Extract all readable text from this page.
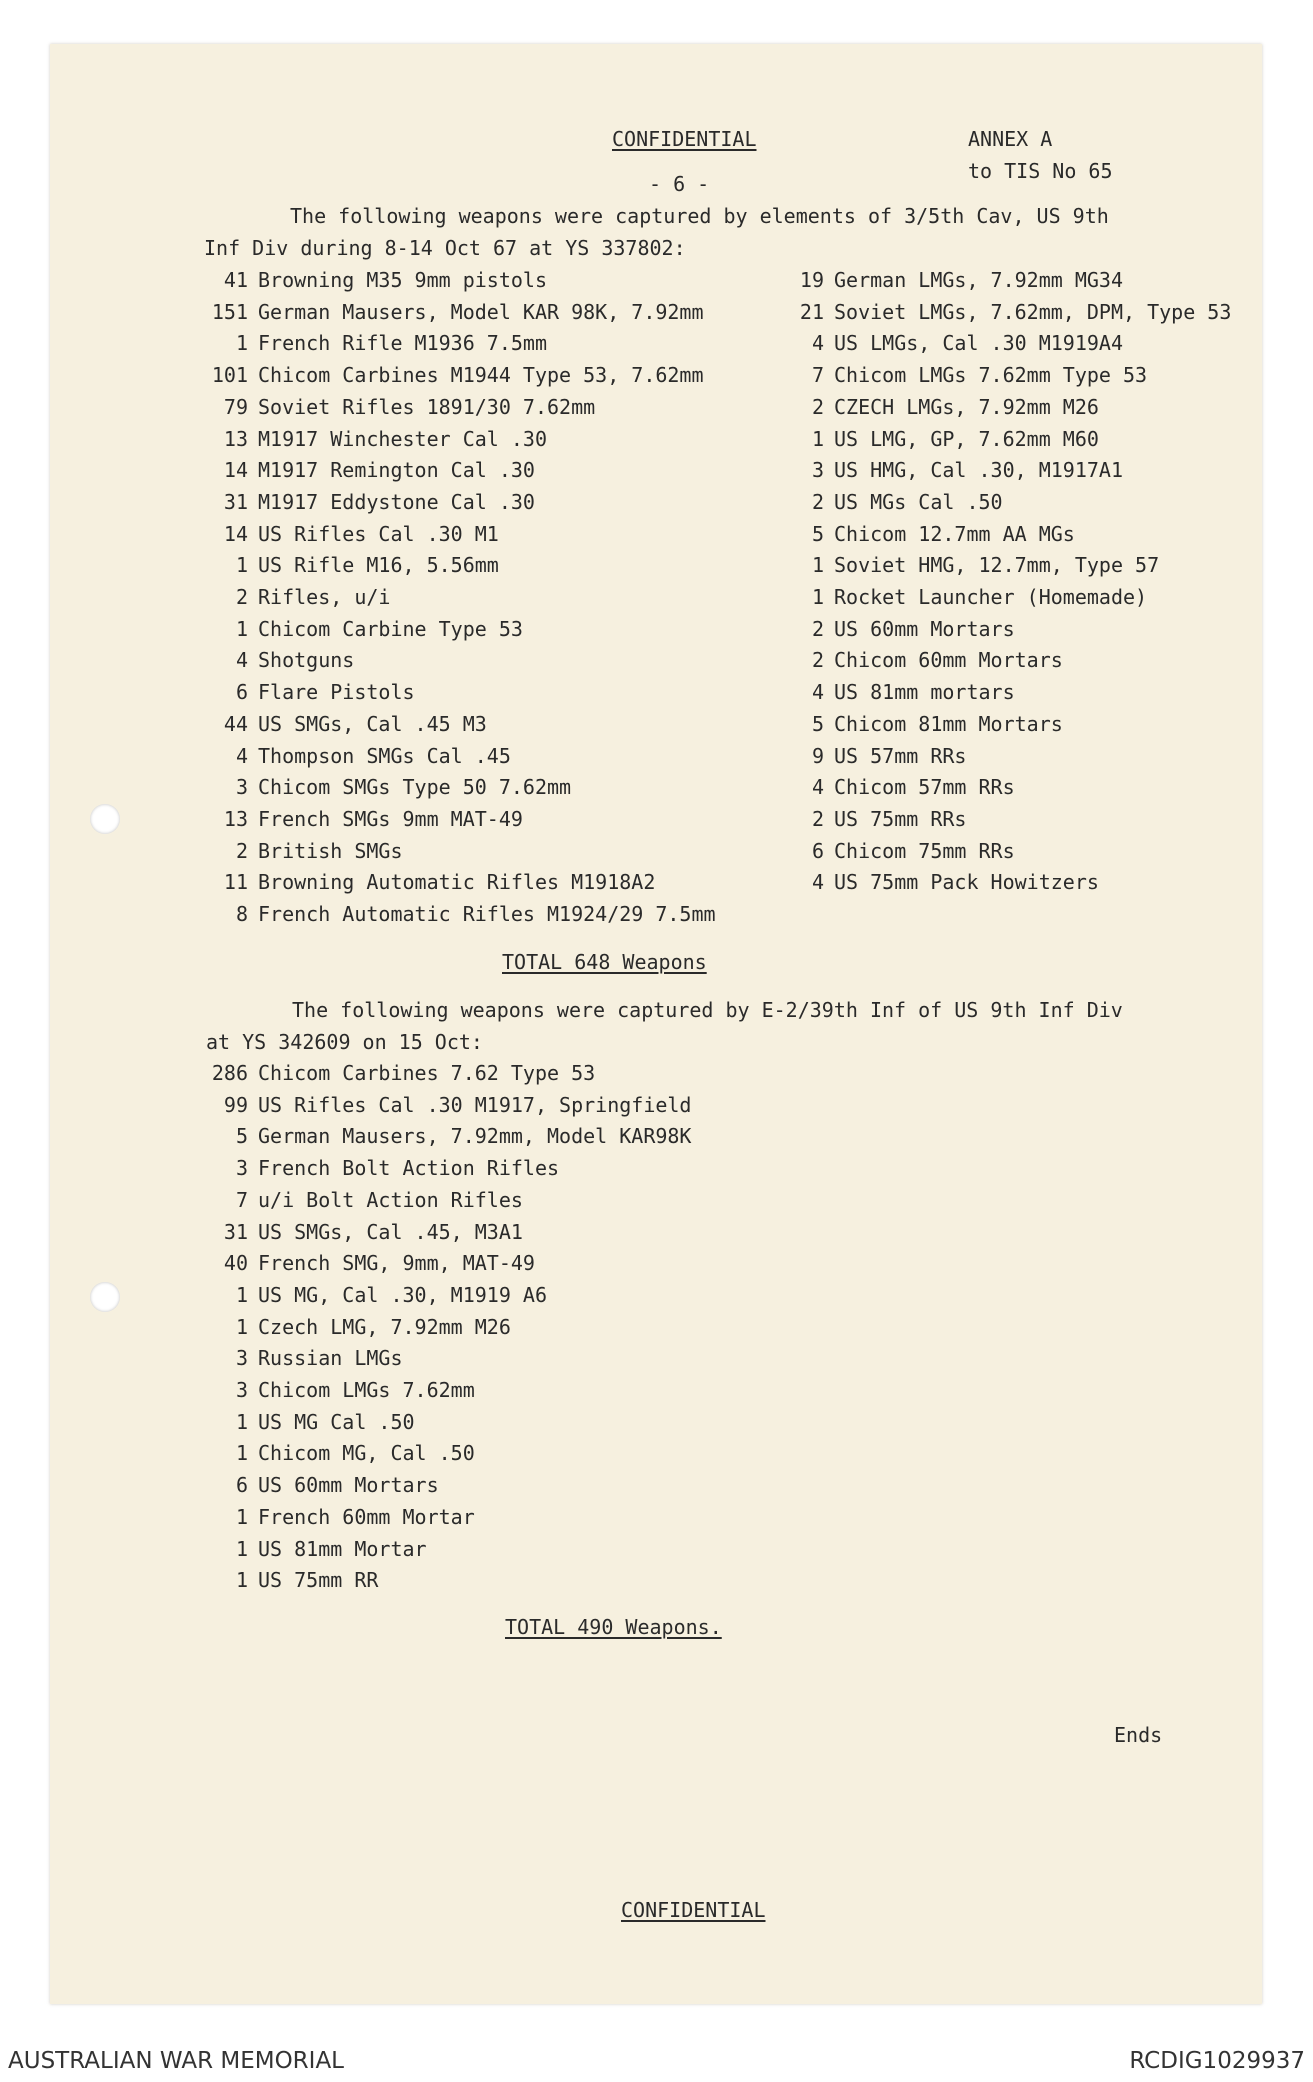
CONFIDENTIAL	ANNEX A
to TIS No 65
- 6 -
The following weapons were captured by elements of 3/5th Cav, US 9th
Inf Div during 8-14 Oct 67 at YS 337802:
41 Browning M35 9mm pistols
151 German Mausers, Model KAR 98K, 7.92mm
1 French Rifle M1936 7.5mm
101 Chicom Carbines M1944 Type 53, 7.62mm
79 Soviet Rifles 1891/30 7.62mm
13 M1917 Winchester Cal .30
14 M1917 Remington Cal .30
31 M1917 Eddystone Cal .30
14 US Rifles Cal .30 M1
1 US Rifle M16, 5.56mm
2 Rifles, u/i
1 Chicom Carbine Type 53
4 Shotguns
6 Flare Pistols
44 US SMGs, Cal .45 M3
4 Thompson SMGs Cal .45
3 Chicom SMGs Type 50 7.62mm
13 French SMGs 9mm MAT-49
2 British SMGs
11 Browning Automatic Rifles M1918A2
8 French Automatic Rifles M1924/29 7.5mm
19 German LMGs, 7.92mm MG34
21 Soviet LMGs, 7.62mm, DPM, Type 53
4 US LMGs, Cal .30 M1919A4
7 Chicom LMGs 7.62mm Type 53
2 CZECH LMGs, 7.92mm M26
1 US LMG, GP, 7.62mm M60
3 US HMG, Cal .30, M1917A1
2 US MGs Cal .50
5 Chicom 12.7mm AA MGs
1 Soviet HMG, 12.7mm, Type 57
1 Rocket Launcher (Homemade)
2 US 60mm Mortars
2 Chicom 60mm Mortars
4 US 81mm mortars
5 Chicom 81mm Mortars
9 US 57mm RRs
4 Chicom 57mm RRs
2 US 75mm RRs
6 Chicom 75mm RRs
4 US 75mm Pack Howitzers
TOTAL 648 Weapons
The following weapons were captured by E-2/39th Inf of US 9th Inf Div
at YS 342609 on 15 Oct:
286 Chicom Carbines 7.62 Type 53
99 US Rifles Cal .30 M1917, Springfield
5 German Mausers, 7.92mm, Model KAR98K
3 French Bolt Action Rifles
7 u/i Bolt Action Rifles
31 US SMGs, Cal .45, M3A1
40 French SMG, 9mm, MAT-49
1 US MG, Cal .30, M1919 A6
1 Czech LMG, 7.92mm M26
3 Russian LMGs
3 Chicom LMGs 7.62mm
1 US MG Cal .50
1 Chicom MG, Cal .50
6 US 60mm Mortars
1 French 60mm Mortar
1 US 81mm Mortar
1 US 75mm RR
TOTAL 490 Weapons.
Ends
CONFIDENTIAL
AUSTRALIAN WAR MEMORIAL	RCDIG1029937
